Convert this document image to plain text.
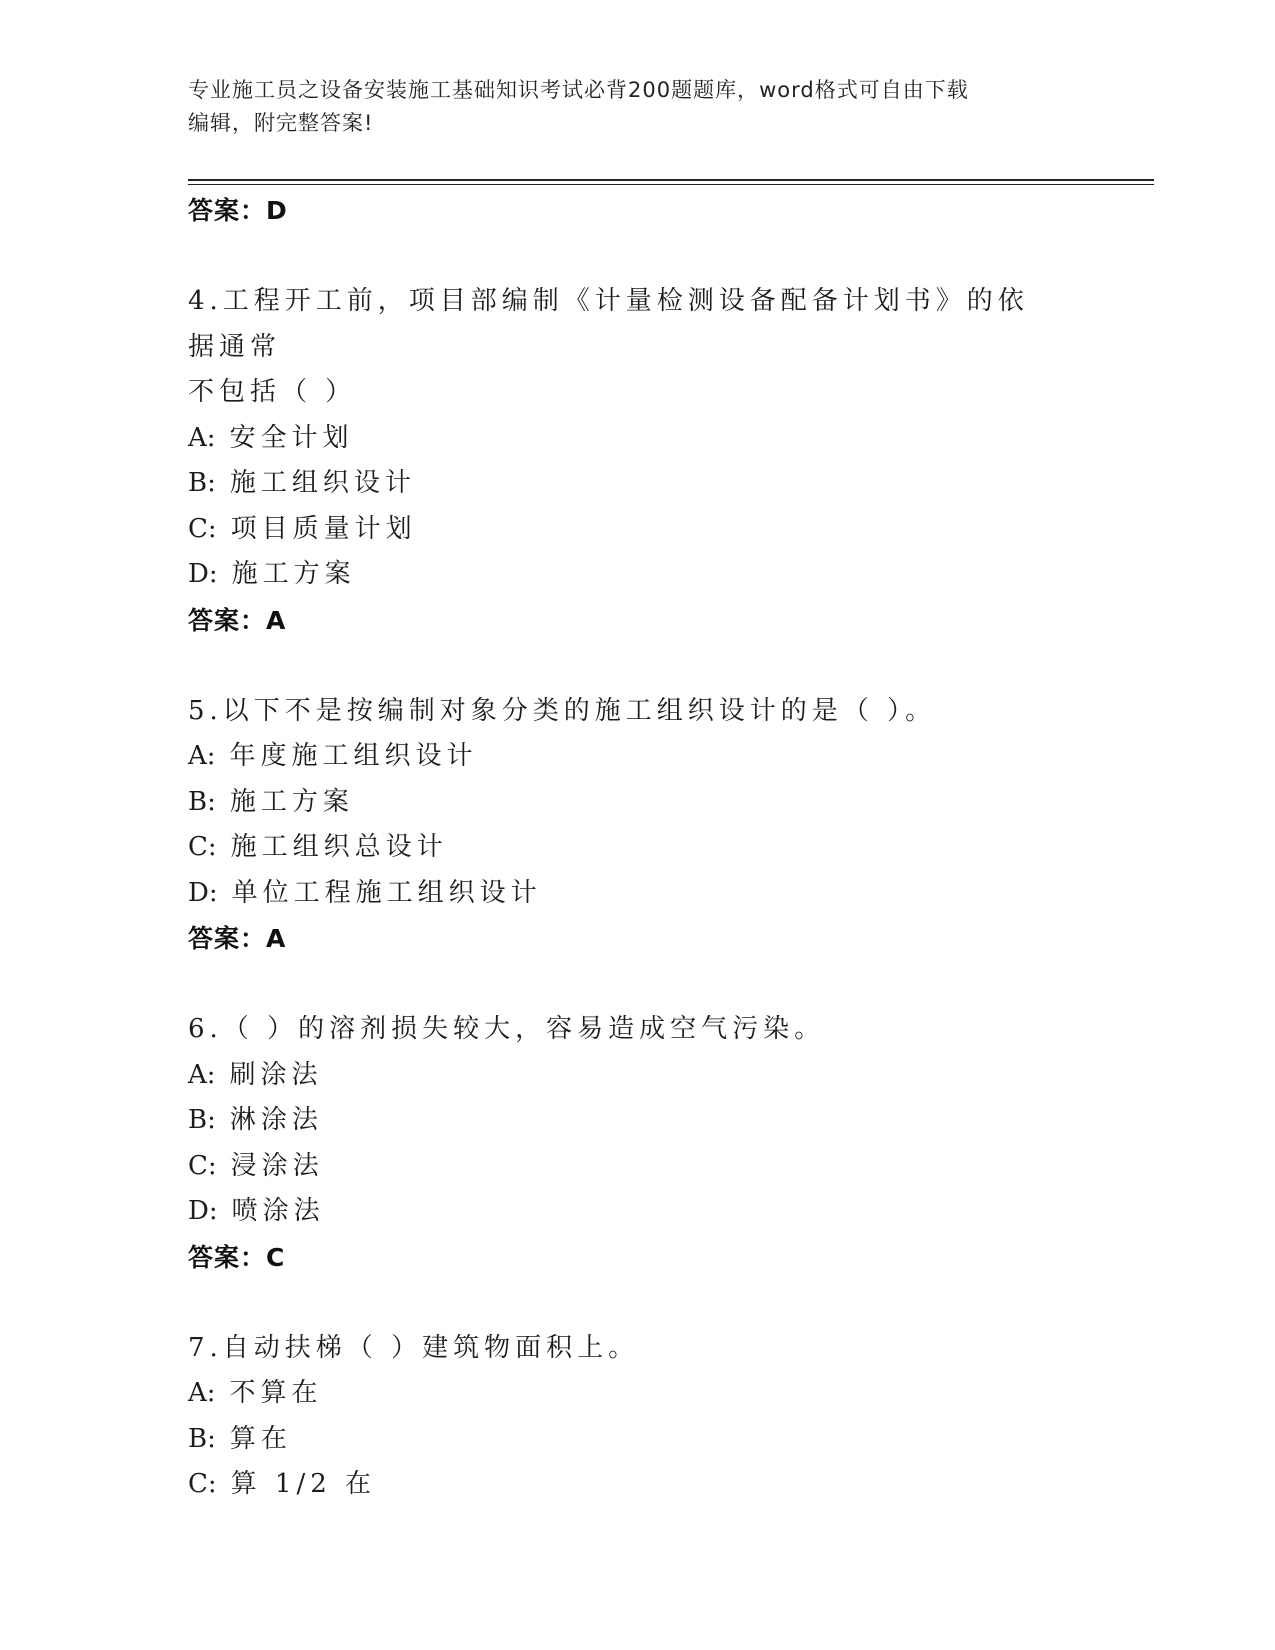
专业施工员之设备安装施工基础知识考试必背200题题库，word格式可自由下载
编辑，附完整答案!
答案：D
4.工程开工前，项目部编制《计量检测设备配备计划书》的依据通常
不包括（ ）
A: 安全计划
B: 施工组织设计
C: 项目质量计划
D: 施工方案
答案：A
5.以下不是按编制对象分类的施工组织设计的是（ ）。
A: 年度施工组织设计
B: 施工方案
C: 施工组织总设计
D: 单位工程施工组织设计
答案：A
6.（ ）的溶剂损失较大，容易造成空气污染。
A: 刷涂法
B: 淋涂法
C: 浸涂法
D: 喷涂法
答案：C
7.自动扶梯（ ）建筑物面积上。
A: 不算在
B: 算在
C: 算 1/2 在
